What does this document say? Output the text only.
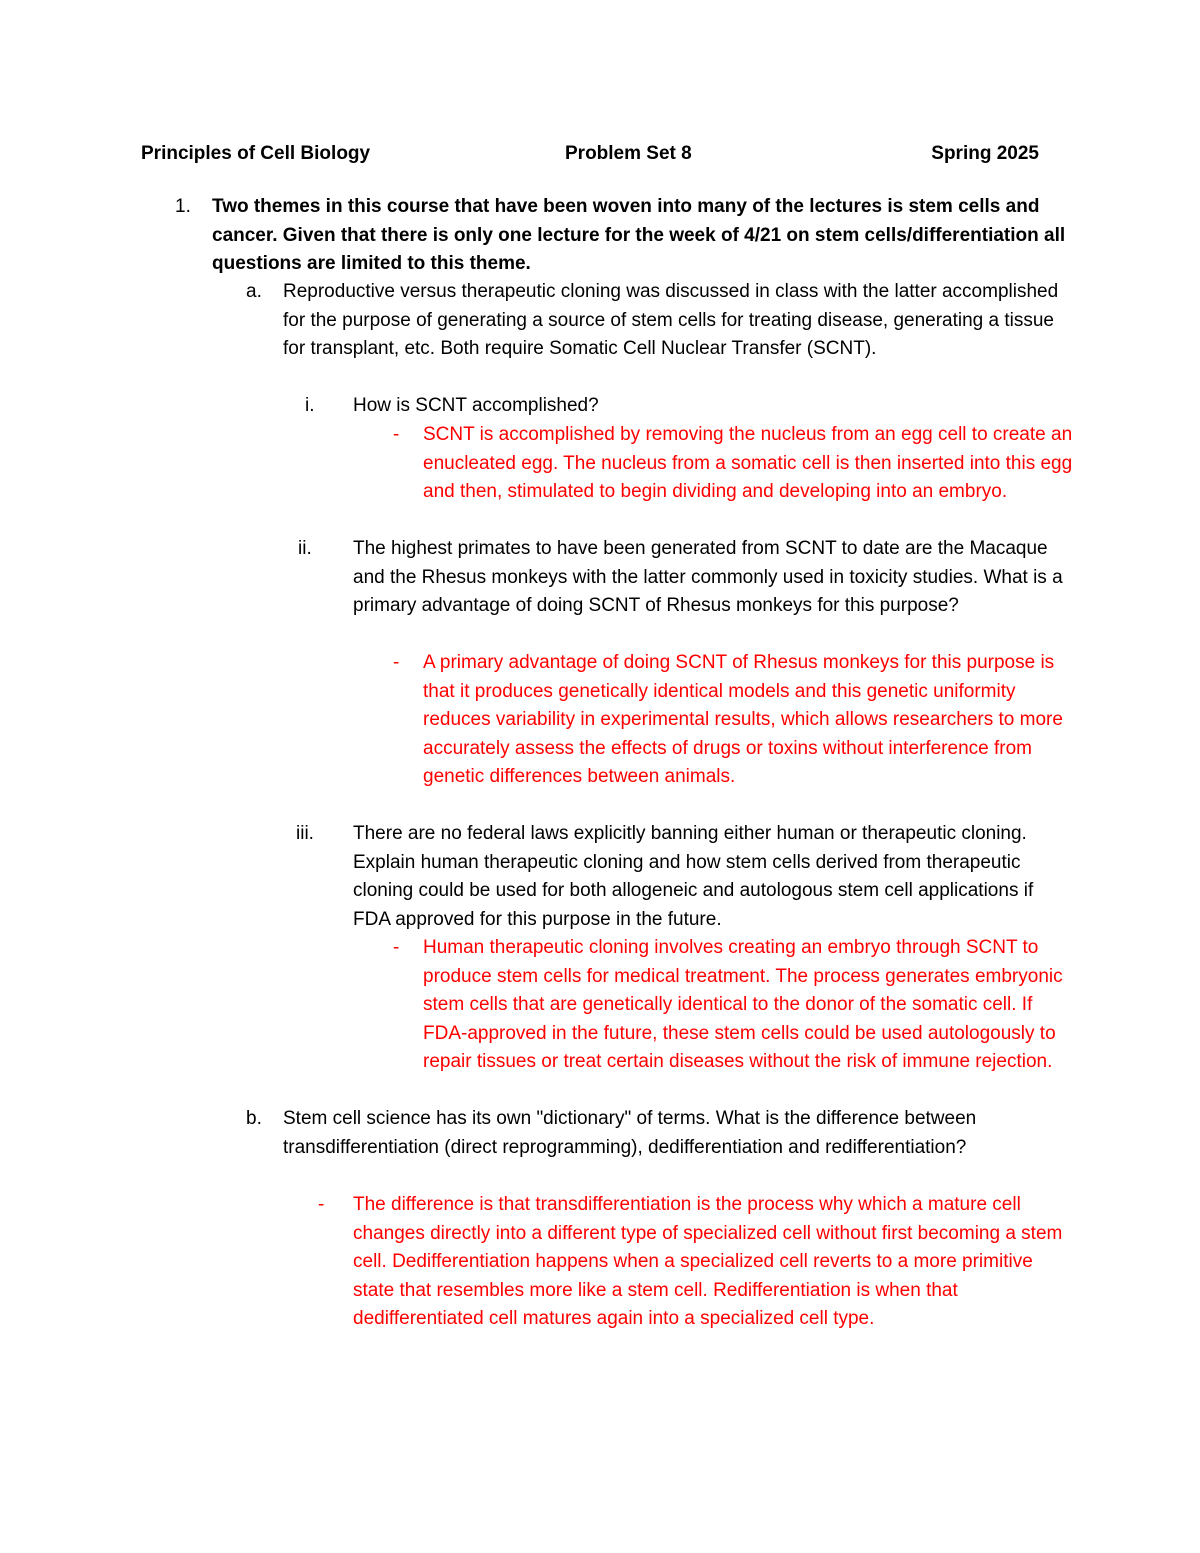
Principles of Cell Biology	Problem Set 8	Spring 2025
1. Two themes in this course that have been woven into many of the lectures is stem cells and cancer. Given that there is only one lecture for the week of 4/21 on stem cells/differentiation all questions are limited to this theme.
a. Reproductive versus therapeutic cloning was discussed in class with the latter accomplished for the purpose of generating a source of stem cells for treating disease, generating a tissue for transplant, etc. Both require Somatic Cell Nuclear Transfer (SCNT).
i. How is SCNT accomplished?
- SCNT is accomplished by removing the nucleus from an egg cell to create an enucleated egg. The nucleus from a somatic cell is then inserted into this egg and then, stimulated to begin dividing and developing into an embryo.
ii. The highest primates to have been generated from SCNT to date are the Macaque and the Rhesus monkeys with the latter commonly used in toxicity studies. What is a primary advantage of doing SCNT of Rhesus monkeys for this purpose?
- A primary advantage of doing SCNT of Rhesus monkeys for this purpose is that it produces genetically identical models and this genetic uniformity reduces variability in experimental results, which allows researchers to more accurately assess the effects of drugs or toxins without interference from genetic differences between animals.
iii. There are no federal laws explicitly banning either human or therapeutic cloning. Explain human therapeutic cloning and how stem cells derived from therapeutic cloning could be used for both allogeneic and autologous stem cell applications if FDA approved for this purpose in the future.
- Human therapeutic cloning involves creating an embryo through SCNT to produce stem cells for medical treatment. The process generates embryonic stem cells that are genetically identical to the donor of the somatic cell. If FDA-approved in the future, these stem cells could be used autologously to repair tissues or treat certain diseases without the risk of immune rejection.
b. Stem cell science has its own "dictionary" of terms. What is the difference between transdifferentiation (direct reprogramming), dedifferentiation and redifferentiation?
- The difference is that transdifferentiation is the process why which a mature cell changes directly into a different type of specialized cell without first becoming a stem cell. Dedifferentiation happens when a specialized cell reverts to a more primitive state that resembles more like a stem cell. Redifferentiation is when that dedifferentiated cell matures again into a specialized cell type.
